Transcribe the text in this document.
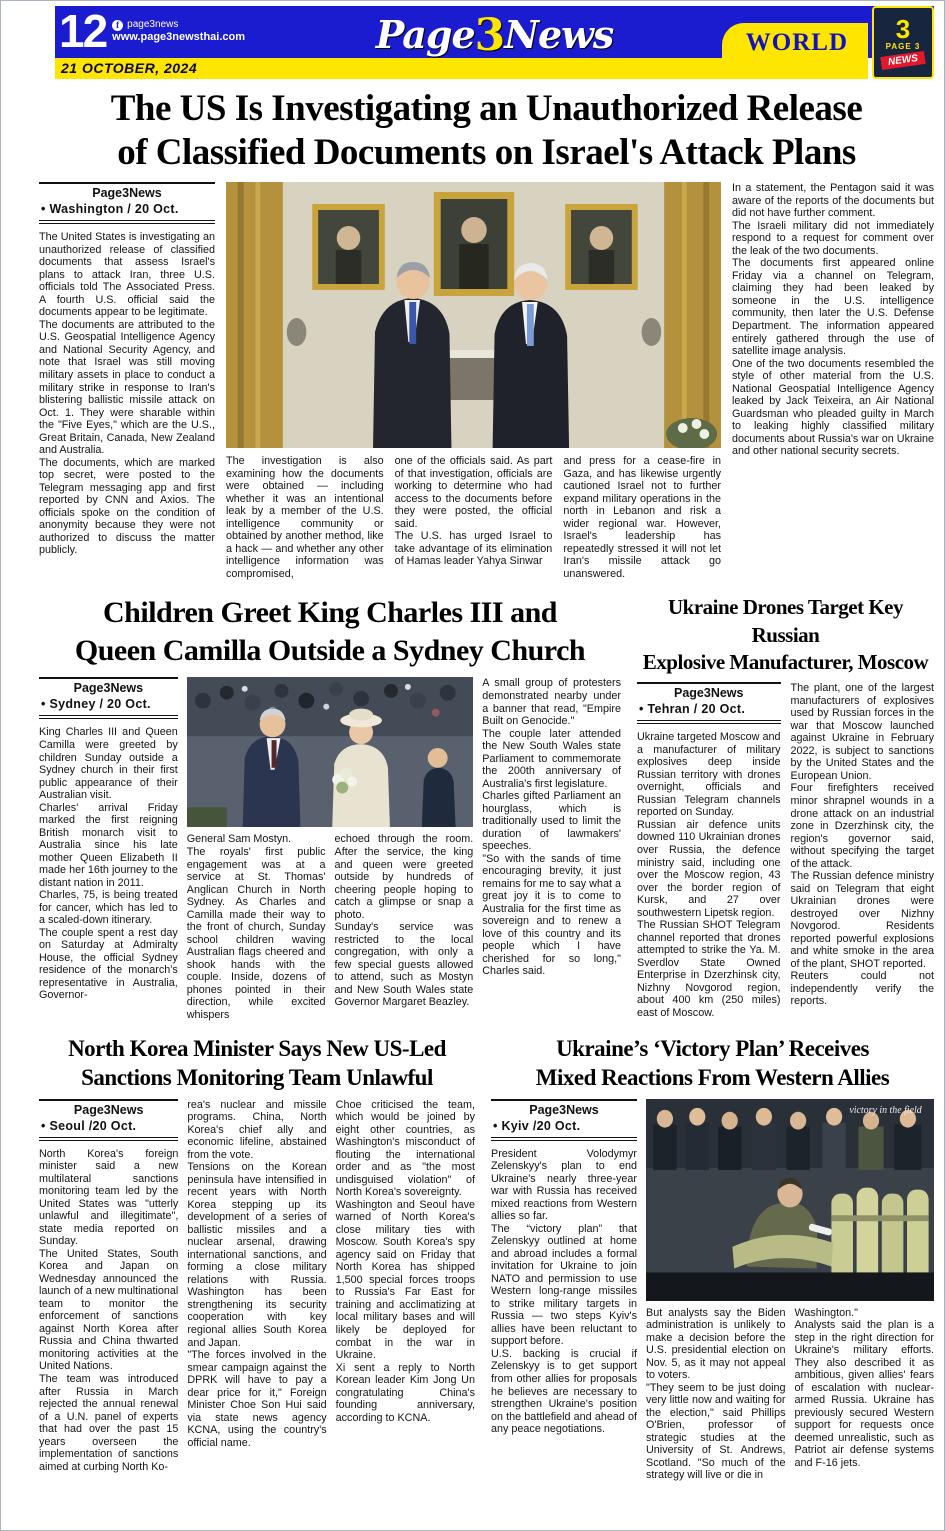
12	f page3news
www.page3newsthai.com	Page3News	WORLD
21 OCTOBER, 2024
3
PAGE 3
NEWS
The US Is Investigating an Unauthorized Release
of Classified Documents on Israel's Attack Plans
Page3News
• Washington / 20 Oct.

The United States is investigating an unauthorized release of classified documents that assess Israel's plans to attack Iran, three U.S. officials told The Associated Press. A fourth U.S. official said the documents appear to be legitimate.

The documents are attributed to the U.S. Geospatial Intelligence Agency and National Security Agency, and note that Israel was still moving military assets in place to conduct a military strike in response to Iran's blistering ballistic missile attack on Oct. 1. They were sharable within the "Five Eyes," which are the U.S., Great Britain, Canada, New Zealand and Australia.

The documents, which are marked top secret, were posted to the Telegram messaging app and first reported by CNN and Axios. The officials spoke on the condition of anonymity because they were not authorized to discuss the matter publicly.

The investigation is also examining how the documents were obtained — including whether it was an intentional leak by a member of the U.S. intelligence community or obtained by another method, like a hack — and whether any other intelligence information was compromised,

one of the officials said. As part of that investigation, officials are working to determine who had access to the documents before they were posted, the official said.

The U.S. has urged Israel to take advantage of its elimination of Hamas leader Yahya Sinwar

and press for a cease-fire in Gaza, and has likewise urgently cautioned Israel not to further expand military operations in the north in Lebanon and risk a wider regional war. However, Israel's leadership has repeatedly stressed it will not let Iran's missile attack go unanswered.

In a statement, the Pentagon said it was aware of the reports of the documents but did not have further comment.

The Israeli military did not immediately respond to a request for comment over the leak of the two documents.

The documents first appeared online Friday via a channel on Telegram, claiming they had been leaked by someone in the U.S. intelligence community, then later the U.S. Defense Department. The information appeared entirely gathered through the use of satellite image analysis.

One of the two documents resembled the style of other material from the U.S. National Geospatial Intelligence Agency leaked by Jack Teixeira, an Air National Guardsman who pleaded guilty in March to leaking highly classified military documents about Russia's war on Ukraine and other national security secrets.

Children Greet King Charles III and
Queen Camilla Outside a Sydney Church
Page3News
• Sydney / 20 Oct.

King Charles III and Queen Camilla were greeted by children Sunday outside a Sydney church in their first public appearance of their Australian visit.

Charles' arrival Friday marked the first reigning British monarch visit to Australia since his late mother Queen Elizabeth II made her 16th journey to the distant nation in 2011.

Charles, 75, is being treated for cancer, which has led to a scaled-down itinerary.

The couple spent a rest day on Saturday at Admiralty House, the official Sydney residence of the monarch's representative in Australia, Governor-

General Sam Mostyn.

The royals' first public engagement was at a service at St. Thomas' Anglican Church in North Sydney. As Charles and Camilla made their way to the front of church, Sunday school children waving Australian flags cheered and shook hands with the couple. Inside, dozens of phones pointed in their direction, while excited whispers

echoed through the room. After the service, the king and queen were greeted outside by hundreds of cheering people hoping to catch a glimpse or snap a photo.

Sunday's service was restricted to the local congregation, with only a few special guests allowed to attend, such as Mostyn and New South Wales state Governor Margaret Beazley.

A small group of protesters demonstrated nearby under a banner that read, "Empire Built on Genocide."

The couple later attended the New South Wales state Parliament to commemorate the 200th anniversary of Australia's first legislature.

Charles gifted Parliament an hourglass, which is traditionally used to limit the duration of lawmakers' speeches.

"So with the sands of time encouraging brevity, it just remains for me to say what a great joy it is to come to Australia for the first time as sovereign and to renew a love of this country and its people which I have cherished for so long," Charles said.

Ukraine Drones Target Key Russian
Explosive Manufacturer, Moscow
Page3News
• Tehran / 20 Oct.

Ukraine targeted Moscow and a manufacturer of military explosives deep inside Russian territory with drones overnight, officials and Russian Telegram channels reported on Sunday.

Russian air defence units downed 110 Ukrainian drones over Russia, the defence ministry said, including one over the Moscow region, 43 over the border region of Kursk, and 27 over southwestern Lipetsk region.

The Russian SHOT Telegram channel reported that drones attempted to strike the Ya. M. Sverdlov State Owned Enterprise in Dzerzhinsk city, Nizhny Novgorod region, about 400 km (250 miles) east of Moscow.

The plant, one of the largest manufacturers of explosives used by Russian forces in the war that Moscow launched against Ukraine in February 2022, is subject to sanctions by the United States and the European Union.

Four firefighters received minor shrapnel wounds in a drone attack on an industrial zone in Dzerzhinsk city, the region's governor said, without specifying the target of the attack.

The Russian defence ministry said on Telegram that eight Ukrainian drones were destroyed over Nizhny Novgorod. Residents reported powerful explosions and white smoke in the area of the plant, SHOT reported.

Reuters could not independently verify the reports.

North Korea Minister Says New US-Led
Sanctions Monitoring Team Unlawful
Page3News
• Seoul /20 Oct.

North Korea's foreign minister said a new multilateral sanctions monitoring team led by the United States was "utterly unlawful and illegitimate", state media reported on Sunday.

The United States, South Korea and Japan on Wednesday announced the launch of a new multinational team to monitor the enforcement of sanctions against North Korea after Russia and China thwarted monitoring activities at the United Nations.

The team was introduced after Russia in March rejected the annual renewal of a U.N. panel of experts that had over the past 15 years overseen the implementation of sanctions aimed at curbing North Ko-

rea's nuclear and missile programs. China, North Korea's chief ally and economic lifeline, abstained from the vote.

Tensions on the Korean peninsula have intensified in recent years with North Korea stepping up its development of a series of ballistic missiles and a nuclear arsenal, drawing international sanctions, and forming a close military relations with Russia. Washington has been strengthening its security cooperation with key regional allies South Korea and Japan.

"The forces involved in the smear campaign against the DPRK will have to pay a dear price for it," Foreign Minister Choe Son Hui said via state news agency KCNA, using the country's official name.

Choe criticised the team, which would be joined by eight other countries, as Washington's misconduct of flouting the international order and as "the most undisguised violation" of North Korea's sovereignty.

Washington and Seoul have warned of North Korea's close military ties with Moscow. South Korea's spy agency said on Friday that North Korea has shipped 1,500 special forces troops to Russia's Far East for training and acclimatizing at local military bases and will likely be deployed for combat in the war in Ukraine.

Xi sent a reply to North Korean leader Kim Jong Un congratulating China's founding anniversary, according to KCNA.

Ukraine’s ‘Victory Plan’ Receives
Mixed Reactions From Western Allies
Page3News
• Kyiv /20 Oct.

President Volodymyr Zelenskyy's plan to end Ukraine's nearly three-year war with Russia has received mixed reactions from Western allies so far.

The “victory plan” that Zelenskyy outlined at home and abroad includes a formal invitation for Ukraine to join NATO and permission to use Western long-range missiles to strike military targets in Russia — two steps Kyiv's allies have been reluctant to support before.

U.S. backing is crucial if Zelenskyy is to get support from other allies for proposals he believes are necessary to strengthen Ukraine's position on the battlefield and ahead of any peace negotiations.

victory in the field

But analysts say the Biden administration is unlikely to make a decision before the U.S. presidential election on Nov. 5, as it may not appeal to voters.

"They seem to be just doing very little now and waiting for the election," said Phillips O'Brien, professor of strategic studies at the University of St. Andrews, Scotland. "So much of the strategy will live or die in

Washington."

Analysts said the plan is a step in the right direction for Ukraine's military efforts. They also described it as ambitious, given allies' fears of escalation with nuclear-armed Russia. Ukraine has previously secured Western support for requests once deemed unrealistic, such as Patriot air defense systems and F-16 jets.
